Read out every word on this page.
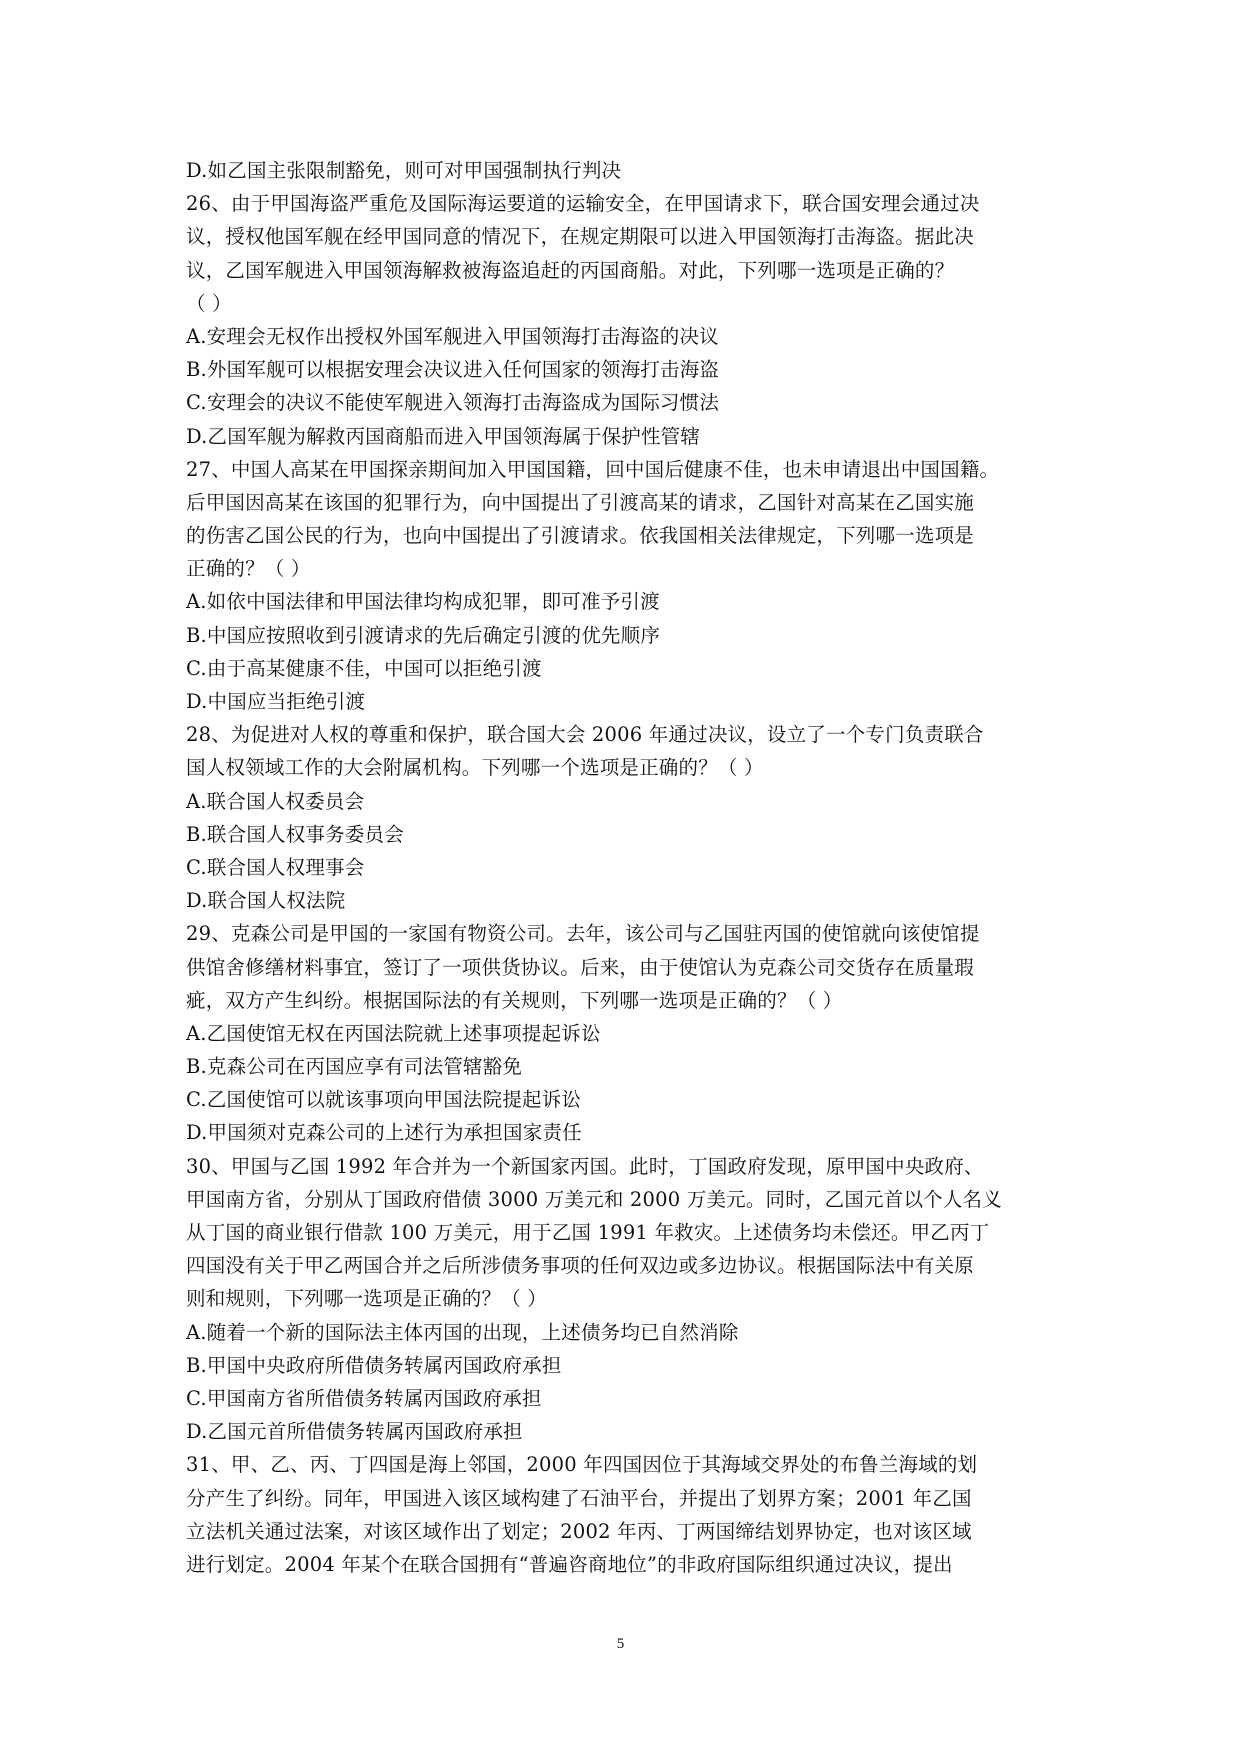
D.如乙国主张限制豁免，则可对甲国强制执行判决
26、由于甲国海盗严重危及国际海运要道的运输安全，在甲国请求下，联合国安理会通过决
议，授权他国军舰在经甲国同意的情况下，在规定期限可以进入甲国领海打击海盗。据此决
议，乙国军舰进入甲国领海解救被海盗追赶的丙国商船。对此，下列哪一选项是正确的？
（ ）
A.安理会无权作出授权外国军舰进入甲国领海打击海盗的决议
B.外国军舰可以根据安理会决议进入任何国家的领海打击海盗
C.安理会的决议不能使军舰进入领海打击海盗成为国际习惯法
D.乙国军舰为解救丙国商船而进入甲国领海属于保护性管辖
27、中国人高某在甲国探亲期间加入甲国国籍，回中国后健康不佳，也未申请退出中国国籍。
后甲国因高某在该国的犯罪行为，向中国提出了引渡高某的请求，乙国针对高某在乙国实施
的伤害乙国公民的行为，也向中国提出了引渡请求。依我国相关法律规定，下列哪一选项是
正确的？（ ）
A.如依中国法律和甲国法律均构成犯罪，即可准予引渡
B.中国应按照收到引渡请求的先后确定引渡的优先顺序
C.由于高某健康不佳，中国可以拒绝引渡
D.中国应当拒绝引渡
28、为促进对人权的尊重和保护，联合国大会 2006 年通过决议，设立了一个专门负责联合
国人权领域工作的大会附属机构。下列哪一个选项是正确的？（ ）
A.联合国人权委员会
B.联合国人权事务委员会
C.联合国人权理事会
D.联合国人权法院
29、克森公司是甲国的一家国有物资公司。去年，该公司与乙国驻丙国的使馆就向该使馆提
供馆舍修缮材料事宜，签订了一项供货协议。后来，由于使馆认为克森公司交货存在质量瑕
疵，双方产生纠纷。根据国际法的有关规则，下列哪一选项是正确的？（ ）
A.乙国使馆无权在丙国法院就上述事项提起诉讼
B.克森公司在丙国应享有司法管辖豁免
C.乙国使馆可以就该事项向甲国法院提起诉讼
D.甲国须对克森公司的上述行为承担国家责任
30、甲国与乙国 1992 年合并为一个新国家丙国。此时，丁国政府发现，原甲国中央政府、
甲国南方省，分别从丁国政府借债 3000 万美元和 2000 万美元。同时，乙国元首以个人名义
从丁国的商业银行借款 100 万美元，用于乙国 1991 年救灾。上述债务均未偿还。甲乙丙丁
四国没有关于甲乙两国合并之后所涉债务事项的任何双边或多边协议。根据国际法中有关原
则和规则，下列哪一选项是正确的？（ ）
A.随着一个新的国际法主体丙国的出现，上述债务均已自然消除
B.甲国中央政府所借债务转属丙国政府承担
C.甲国南方省所借债务转属丙国政府承担
D.乙国元首所借债务转属丙国政府承担
31、甲、乙、丙、丁四国是海上邻国，2000 年四国因位于其海域交界处的布鲁兰海域的划
分产生了纠纷。同年，甲国进入该区域构建了石油平台，并提出了划界方案；2001 年乙国
立法机关通过法案，对该区域作出了划定；2002 年丙、丁两国缔结划界协定，也对该区域
进行划定。2004 年某个在联合国拥有“普遍咨商地位”的非政府国际组织通过决议，提出
5
